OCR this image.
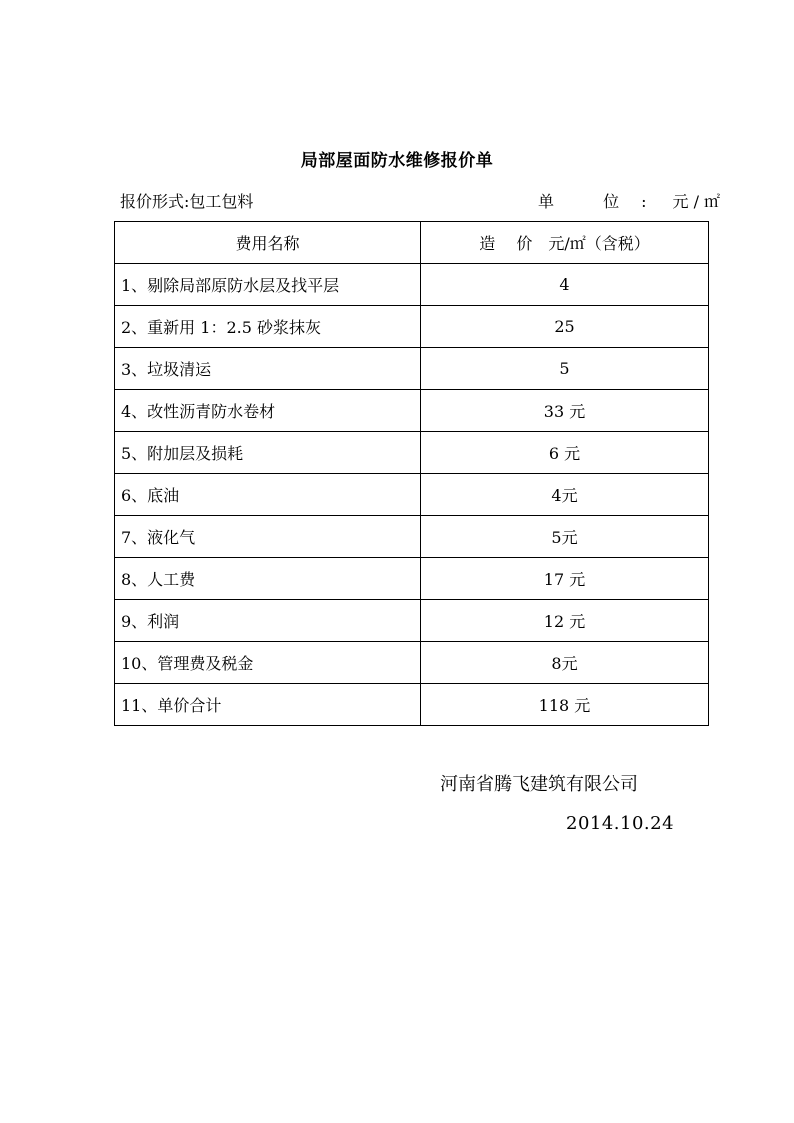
局部屋面防水维修报价单
报价形式:包工包料	单 位: 元 / ㎡
费用名称	造　 价　元/㎡（含税）
1、剔除局部原防水层及找平层	4
2、重新用 1：2.5 砂浆抹灰	25
3、垃圾清运	5
4、改性沥青防水卷材	33 元
5、附加层及损耗	6 元
6、底油	4元
7、液化气	5元
8、人工费	17 元
9、利润	12 元
10、管理费及税金	8元
11、单价合计	118 元
河南省腾飞建筑有限公司
2014.10.24
